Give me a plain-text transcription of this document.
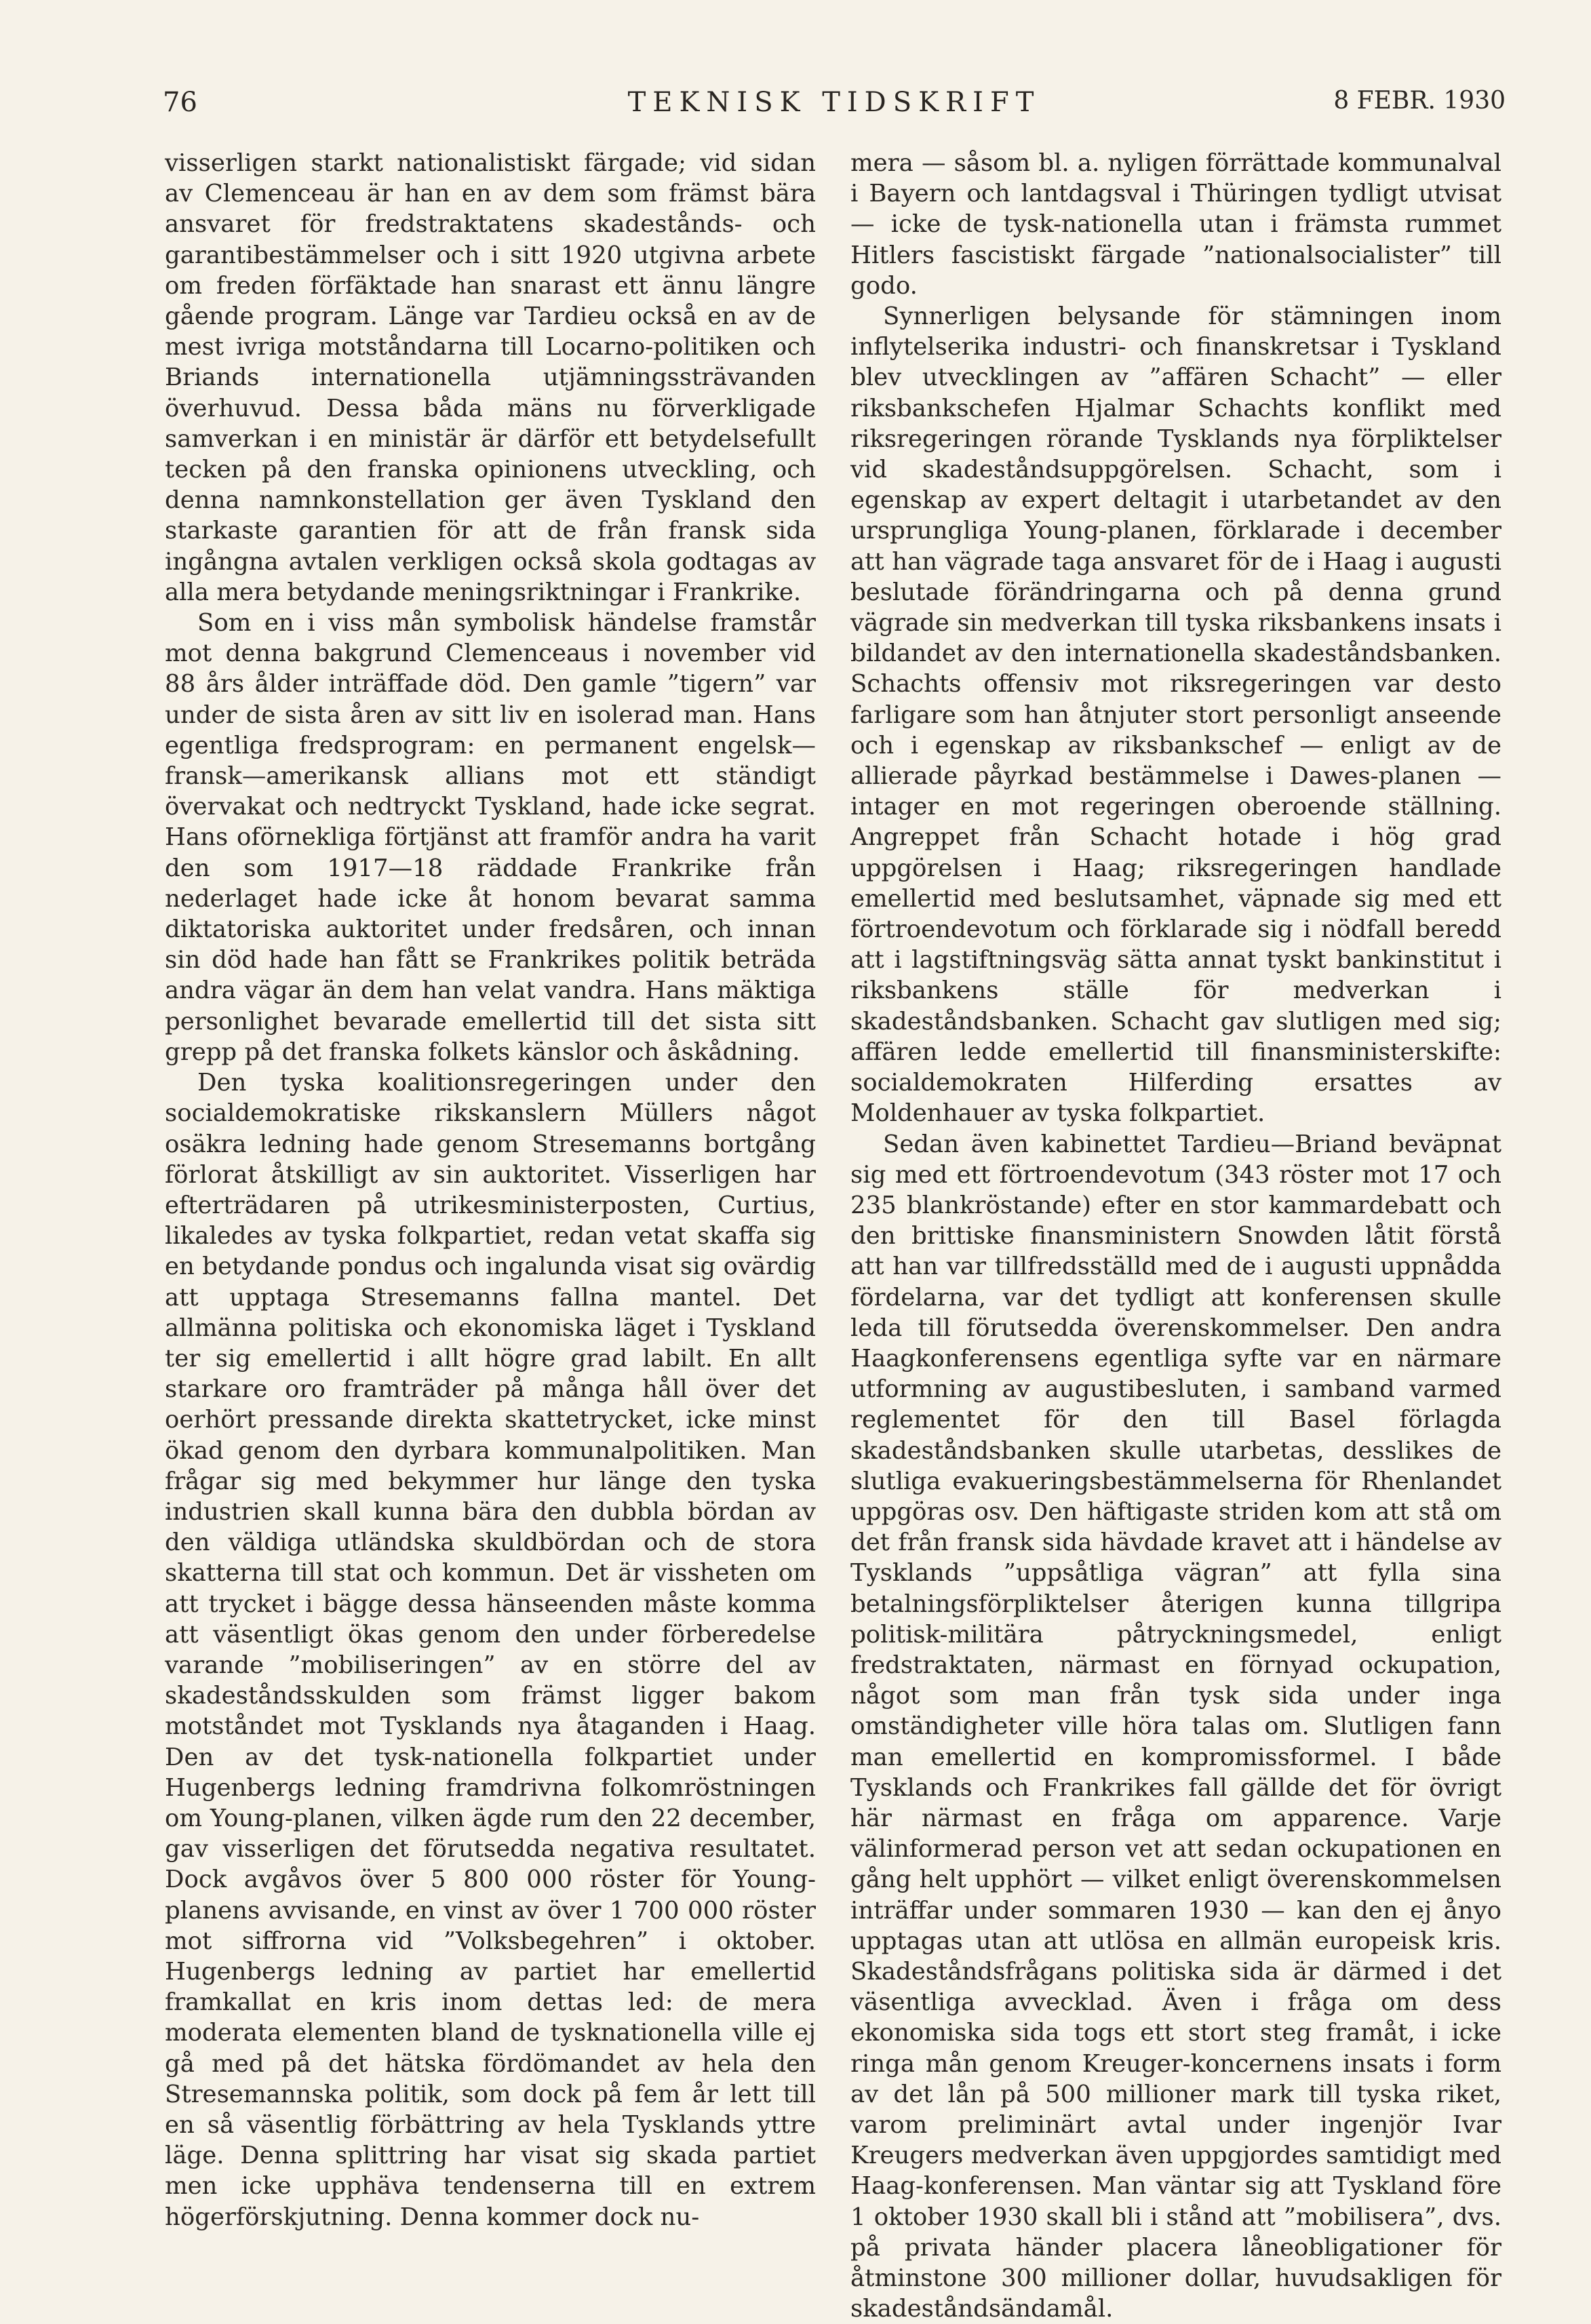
76	TEKNISK TIDSKRIFT	8 FEBR. 1930

visserligen starkt nationalistiskt färgade; vid sidan av Clemenceau är han en av dem som främst bära ansvaret för fredstraktatens skadestånds- och garantibestämmelser och i sitt 1920 utgivna arbete om freden förfäktade han snarast ett ännu längre gående program. Länge var Tardieu också en av de mest ivriga motståndarna till Locarno-politiken och Briands internationella utjämningssträvanden överhuvud. Dessa båda mäns nu förverkligade samverkan i en ministär är därför ett betydelsefullt tecken på den franska opinionens utveckling, och denna namnkonstellation ger även Tyskland den starkaste garantien för att de från fransk sida ingångna avtalen verkligen också skola godtagas av alla mera betydande meningsriktningar i Frankrike.

Som en i viss mån symbolisk händelse framstår mot denna bakgrund Clemenceaus i november vid 88 års ålder inträffade död. Den gamle ”tigern” var under de sista åren av sitt liv en isolerad man. Hans egentliga fredsprogram: en permanent engelsk—fransk—amerikansk allians mot ett ständigt övervakat och nedtryckt Tyskland, hade icke segrat. Hans oförnekliga förtjänst att framför andra ha varit den som 1917—18 räddade Frankrike från nederlaget hade icke åt honom bevarat samma diktatoriska auktoritet under fredsåren, och innan sin död hade han fått se Frankrikes politik beträda andra vägar än dem han velat vandra. Hans mäktiga personlighet bevarade emellertid till det sista sitt grepp på det franska folkets känslor och åskådning.

Den tyska koalitionsregeringen under den socialdemokratiske rikskanslern Müllers något osäkra ledning hade genom Stresemanns bortgång förlorat åtskilligt av sin auktoritet. Visserligen har efterträdaren på utrikesministerposten, Curtius, likaledes av tyska folkpartiet, redan vetat skaffa sig en betydande pondus och ingalunda visat sig ovärdig att upptaga Stresemanns fallna mantel. Det allmänna politiska och ekonomiska läget i Tyskland ter sig emellertid i allt högre grad labilt. En allt starkare oro framträder på många håll över det oerhört pressande direkta skattetrycket, icke minst ökad genom den dyrbara kommunalpolitiken. Man frågar sig med bekymmer hur länge den tyska industrien skall kunna bära den dubbla bördan av den väldiga utländska skuldbördan och de stora skatterna till stat och kommun. Det är vissheten om att trycket i bägge dessa hänseenden måste komma att väsentligt ökas genom den under förberedelse varande ”mobiliseringen” av en större del av skadeståndsskulden som främst ligger bakom motståndet mot Tysklands nya åtaganden i Haag. Den av det tysk-nationella folkpartiet under Hugenbergs ledning framdrivna folkomröstningen om Young-planen, vilken ägde rum den 22 december, gav visserligen det förutsedda negativa resultatet. Dock avgåvos över 5 800 000 röster för Young-planens avvisande, en vinst av över 1 700 000 röster mot siffrorna vid ”Volksbegehren” i oktober. Hugenbergs ledning av partiet har emellertid framkallat en kris inom dettas led: de mera moderata elementen bland de tysknationella ville ej gå med på det hätska fördömandet av hela den Stresemannska politik, som dock på fem år lett till en så väsentlig förbättring av hela Tysklands yttre läge. Denna splittring har visat sig skada partiet men icke upphäva tendenserna till en extrem högerförskjutning. Denna kommer dock nu-

mera — såsom bl. a. nyligen förrättade kommunalval i Bayern och lantdagsval i Thüringen tydligt utvisat — icke de tysk-nationella utan i främsta rummet Hitlers fascistiskt färgade ”nationalsocialister” till godo.

Synnerligen belysande för stämningen inom inflytelserika industri- och finanskretsar i Tyskland blev utvecklingen av ”affären Schacht” — eller riksbankschefen Hjalmar Schachts konflikt med riksregeringen rörande Tysklands nya förpliktelser vid skadeståndsuppgörelsen. Schacht, som i egenskap av expert deltagit i utarbetandet av den ursprungliga Young-planen, förklarade i december att han vägrade taga ansvaret för de i Haag i augusti beslutade förändringarna och på denna grund vägrade sin medverkan till tyska riksbankens insats i bildandet av den internationella skadeståndsbanken. Schachts offensiv mot riksregeringen var desto farligare som han åtnjuter stort personligt anseende och i egenskap av riksbankschef — enligt av de allierade påyrkad bestämmelse i Dawes-planen — intager en mot regeringen oberoende ställning. Angreppet från Schacht hotade i hög grad uppgörelsen i Haag; riksregeringen handlade emellertid med beslutsamhet, väpnade sig med ett förtroendevotum och förklarade sig i nödfall beredd att i lagstiftningsväg sätta annat tyskt bankinstitut i riksbankens ställe för medverkan i skadeståndsbanken. Schacht gav slutligen med sig; affären ledde emellertid till finansministerskifte: socialdemokraten Hilferding ersattes av Moldenhauer av tyska folkpartiet.

Sedan även kabinettet Tardieu—Briand beväpnat sig med ett förtroendevotum (343 röster mot 17 och 235 blankröstande) efter en stor kammardebatt och den brittiske finansministern Snowden låtit förstå att han var tillfredsställd med de i augusti uppnådda fördelarna, var det tydligt att konferensen skulle leda till förutsedda överenskommelser. Den andra Haagkonferensens egentliga syfte var en närmare utformning av augustibesluten, i samband varmed reglementet för den till Basel förlagda skadeståndsbanken skulle utarbetas, desslikes de slutliga evakueringsbestämmelserna för Rhenlandet uppgöras osv. Den häftigaste striden kom att stå om det från fransk sida hävdade kravet att i händelse av Tysklands ”uppsåtliga vägran” att fylla sina betalningsförpliktelser återigen kunna tillgripa politisk-militära påtryckningsmedel, enligt fredstraktaten, närmast en förnyad ockupation, något som man från tysk sida under inga omständigheter ville höra talas om. Slutligen fann man emellertid en kompromissformel. I både Tysklands och Frankrikes fall gällde det för övrigt här närmast en fråga om apparence. Varje välinformerad person vet att sedan ockupationen en gång helt upphört — vilket enligt överenskommelsen inträffar under sommaren 1930 — kan den ej ånyo upptagas utan att utlösa en allmän europeisk kris. Skadeståndsfrågans politiska sida är därmed i det väsentliga avvecklad. Även i fråga om dess ekonomiska sida togs ett stort steg framåt, i icke ringa mån genom Kreuger-koncernens insats i form av det lån på 500 millioner mark till tyska riket, varom preliminärt avtal under ingenjör Ivar Kreugers medverkan även uppgjordes samtidigt med Haag-konferensen. Man väntar sig att Tyskland före 1 oktober 1930 skall bli i stånd att ”mobilisera”, dvs. på privata händer placera låneobligationer för åtminstone 300 millioner dollar, huvudsakligen för skadeståndsändamål.
